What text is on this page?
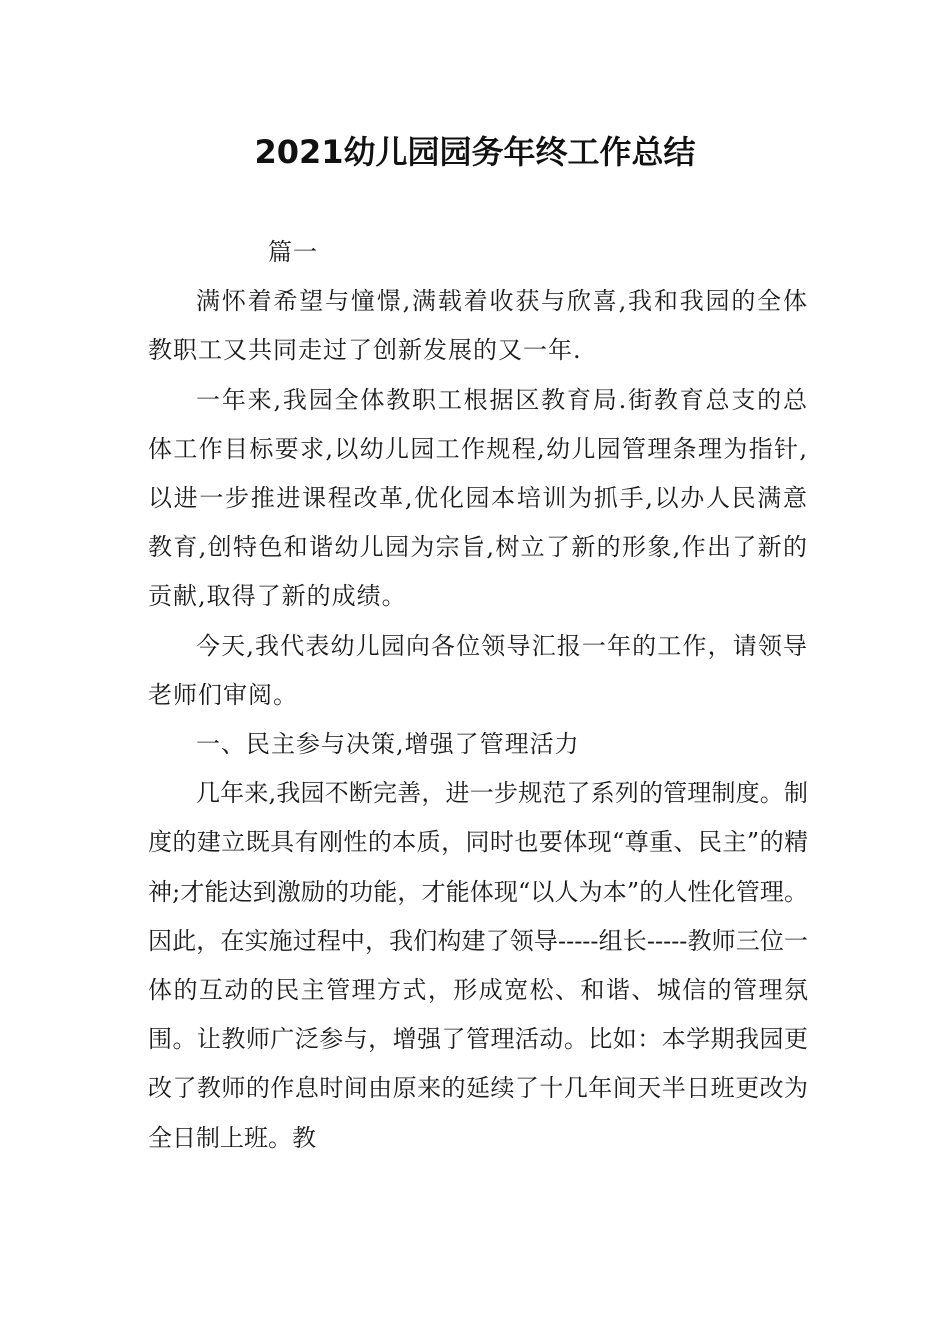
2021幼儿园园务年终工作总结

篇一

满怀着希望与憧憬,满载着收获与欣喜,我和我园的全体教职工又共同走过了创新发展的又一年.

一年来,我园全体教职工根据区教育局.街教育总支的总体工作目标要求,以幼儿园工作规程,幼儿园管理条理为指针,以进一步推进课程改革,优化园本培训为抓手,以办人民满意教育,创特色和谐幼儿园为宗旨,树立了新的形象,作出了新的贡献,取得了新的成绩。

今天,我代表幼儿园向各位领导汇报一年的工作，请领导老师们审阅。

一、民主参与决策,增强了管理活力

几年来,我园不断完善，进一步规范了系列的管理制度。制度的建立既具有刚性的本质，同时也要体现“尊重、民主”的精神;才能达到激励的功能，才能体现“以人为本”的人性化管理。因此，在实施过程中，我们构建了领导-----组长-----教师三位一体的互动的民主管理方式，形成宽松、和谐、城信的管理氛围。让教师广泛参与，增强了管理活动。比如：本学期我园更改了教师的作息时间由原来的延续了十几年间天半日班更改为全日制上班。教
